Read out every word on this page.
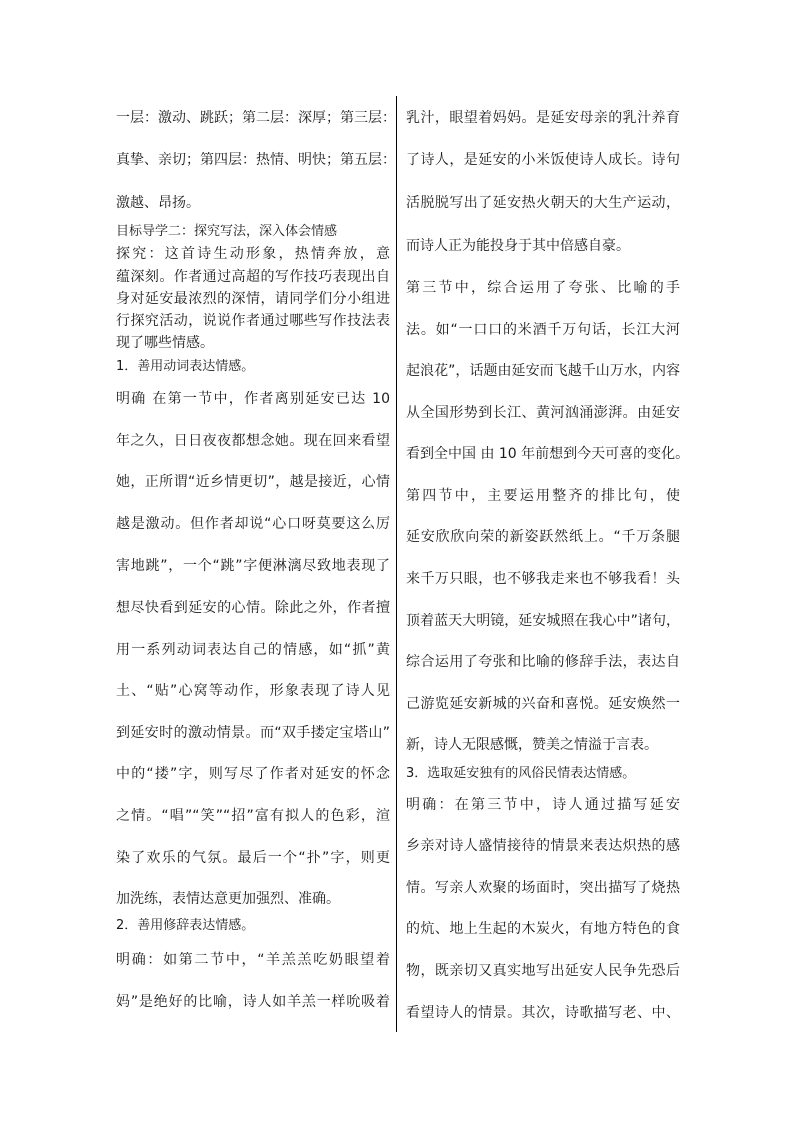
一层：激动、跳跃；第二层：深厚；第三层：
真挚、亲切；第四层：热情、明快；第五层：
激越、昂扬。
目标导学二：探究写法，深入体会情感
探究：这首诗生动形象，热情奔放，意
蕴深刻。作者通过高超的写作技巧表现出自
身对延安最浓烈的深情，请同学们分小组进
行探究活动，说说作者通过哪些写作技法表
现了哪些情感。
1．善用动词表达情感。
明确 在第一节中，作者离别延安已达 10
年之久，日日夜夜都想念她。现在回来看望
她，正所谓“近乡情更切”，越是接近，心情
越是激动。但作者却说“心口呀莫要这么厉
害地跳”，一个“跳”字便淋漓尽致地表现了
想尽快看到延安的心情。除此之外，作者擅
用一系列动词表达自己的情感，如“抓”黄
土、“贴”心窝等动作，形象表现了诗人见
到延安时的激动情景。而“双手搂定宝塔山”
中的“搂”字，则写尽了作者对延安的怀念
之情。“唱”“笑”“招”富有拟人的色彩，渲
染了欢乐的气氛。最后一个“扑”字，则更
加洗练，表情达意更加强烈、准确。
2．善用修辞表达情感。
明确：如第二节中，“羊羔羔吃奶眼望着
妈”是绝好的比喻，诗人如羊羔一样吮吸着
乳汁，眼望着妈妈。是延安母亲的乳汁养育
了诗人，是延安的小米饭使诗人成长。诗句
活脱脱写出了延安热火朝天的大生产运动，
而诗人正为能投身于其中倍感自豪。
第三节中，综合运用了夸张、比喻的手
法。如“一口口的米酒千万句话，长江大河
起浪花”，话题由延安而飞越千山万水，内容
从全国形势到长江、黄河汹涌澎湃。由延安
看到全中国 由 10 年前想到今天可喜的变化。
第四节中，主要运用整齐的排比句，使
延安欣欣向荣的新姿跃然纸上。“千万条腿
来千万只眼，也不够我走来也不够我看！头
顶着蓝天大明镜，延安城照在我心中”诸句，
综合运用了夸张和比喻的修辞手法，表达自
己游览延安新城的兴奋和喜悦。延安焕然一
新，诗人无限感慨，赞美之情溢于言表。
3．选取延安独有的风俗民情表达情感。
明确：在第三节中，诗人通过描写延安
乡亲对诗人盛情接待的情景来表达炽热的感
情。写亲人欢聚的场面时，突出描写了烧热
的炕、地上生起的木炭火，有地方特色的食
物，既亲切又真实地写出延安人民争先恐后
看望诗人的情景。其次，诗歌描写老、中、
